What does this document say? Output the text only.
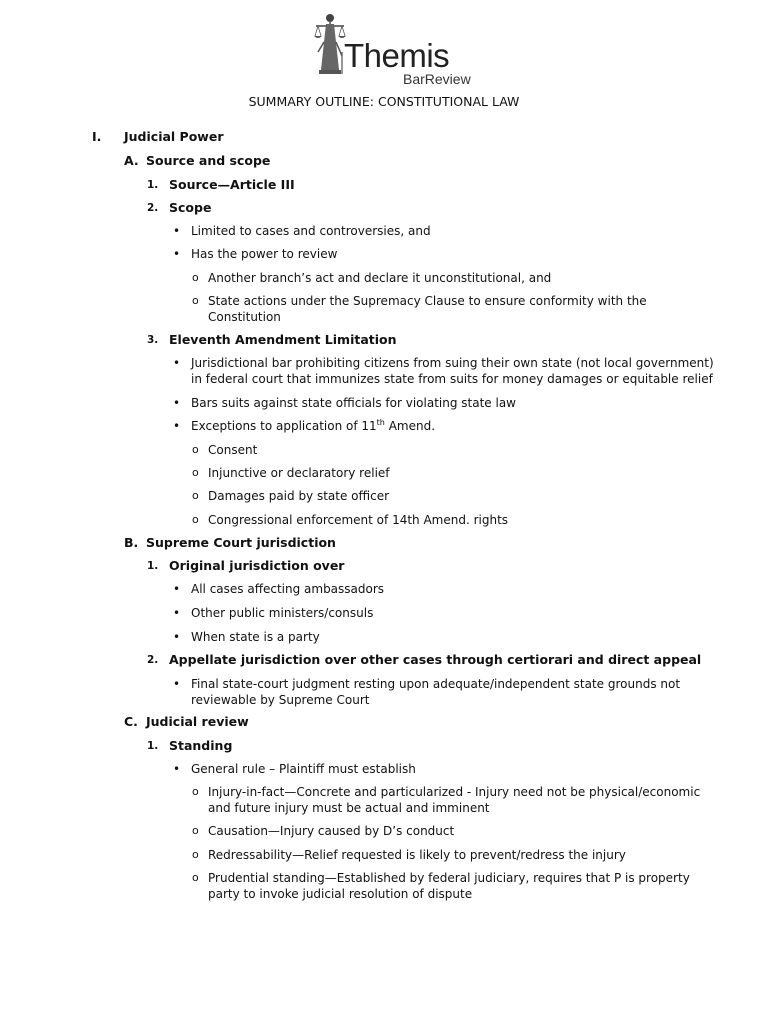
Themis
BarReview
SUMMARY OUTLINE: CONSTITUTIONAL LAW
I. Judicial Power
A. Source and scope
1. Source—Article III
2. Scope
• Limited to cases and controversies, and
• Has the power to review
o Another branch’s act and declare it unconstitutional, and
o State actions under the Supremacy Clause to ensure conformity with the
Constitution
3. Eleventh Amendment Limitation
• Jurisdictional bar prohibiting citizens from suing their own state (not local government)
in federal court that immunizes state from suits for money damages or equitable relief
• Bars suits against state officials for violating state law
• Exceptions to application of 11th Amend.
o Consent
o Injunctive or declaratory relief
o Damages paid by state officer
o Congressional enforcement of 14th Amend. rights
B. Supreme Court jurisdiction
1. Original jurisdiction over
• All cases affecting ambassadors
• Other public ministers/consuls
• When state is a party
2. Appellate jurisdiction over other cases through certiorari and direct appeal
• Final state-court judgment resting upon adequate/independent state grounds not
reviewable by Supreme Court
C. Judicial review
1. Standing
• General rule – Plaintiff must establish
o Injury-in-fact—Concrete and particularized - Injury need not be physical/economic
and future injury must be actual and imminent
o Causation—Injury caused by D’s conduct
o Redressability—Relief requested is likely to prevent/redress the injury
o Prudential standing—Established by federal judiciary, requires that P is property
party to invoke judicial resolution of dispute
